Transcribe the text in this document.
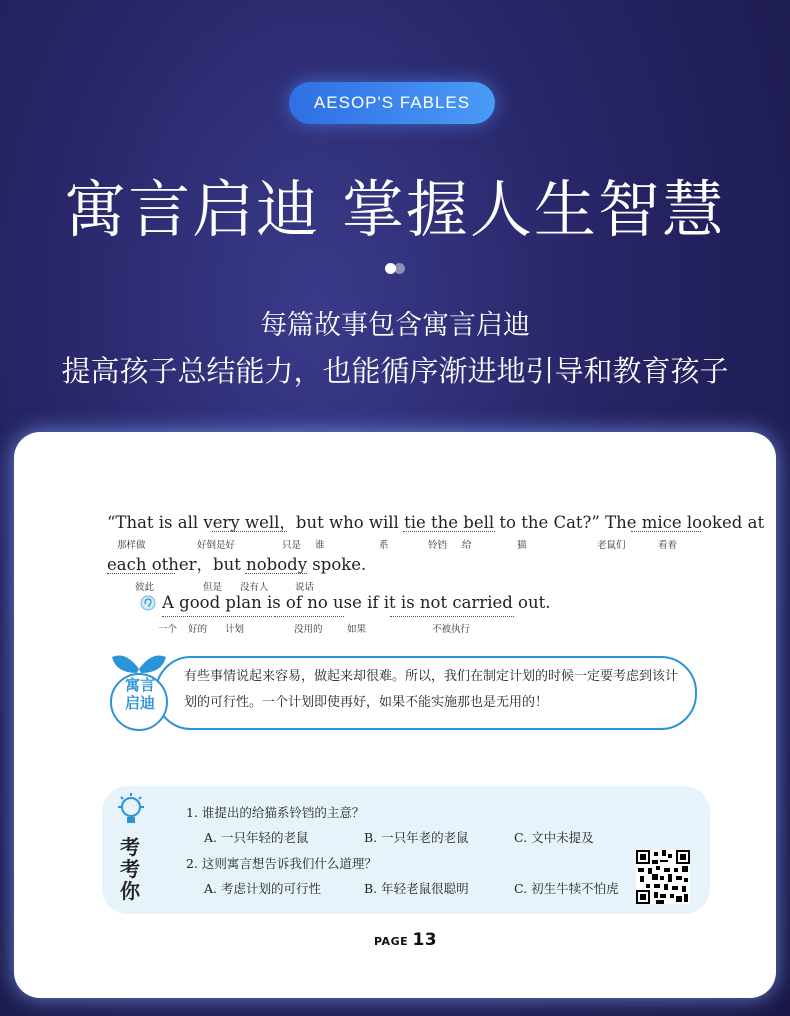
AESOP'S FABLES
寓言启迪 掌握人生智慧
每篇故事包含寓言启迪
提高孩子总结能力，也能循序渐进地引导和教育孩子
“That is all very well，but who will tie the bell to the Cat?” The mice looked at
那样做	好倒是好	只是 谁	系	铃铛 给	猫	老鼠们	看着
each other，but nobody spoke.
彼此	但是 没有人	说话
A good plan is of no use if it is not carried out.
一个 好的 计划	没用的	如果	不被执行
寓言启迪
有些事情说起来容易，做起来却很难。所以，我们在制定计划的时候一定要考虑到该计划的可行性。一个计划即使再好，如果不能实施那也是无用的！
考考你
1. 谁提出的给猫系铃铛的主意？
A. 一只年轻的老鼠	B. 一只年老的老鼠	C. 文中未提及
2. 这则寓言想告诉我们什么道理？
A. 考虑计划的可行性	B. 年轻老鼠很聪明	C. 初生牛犊不怕虎
PAGE 13
